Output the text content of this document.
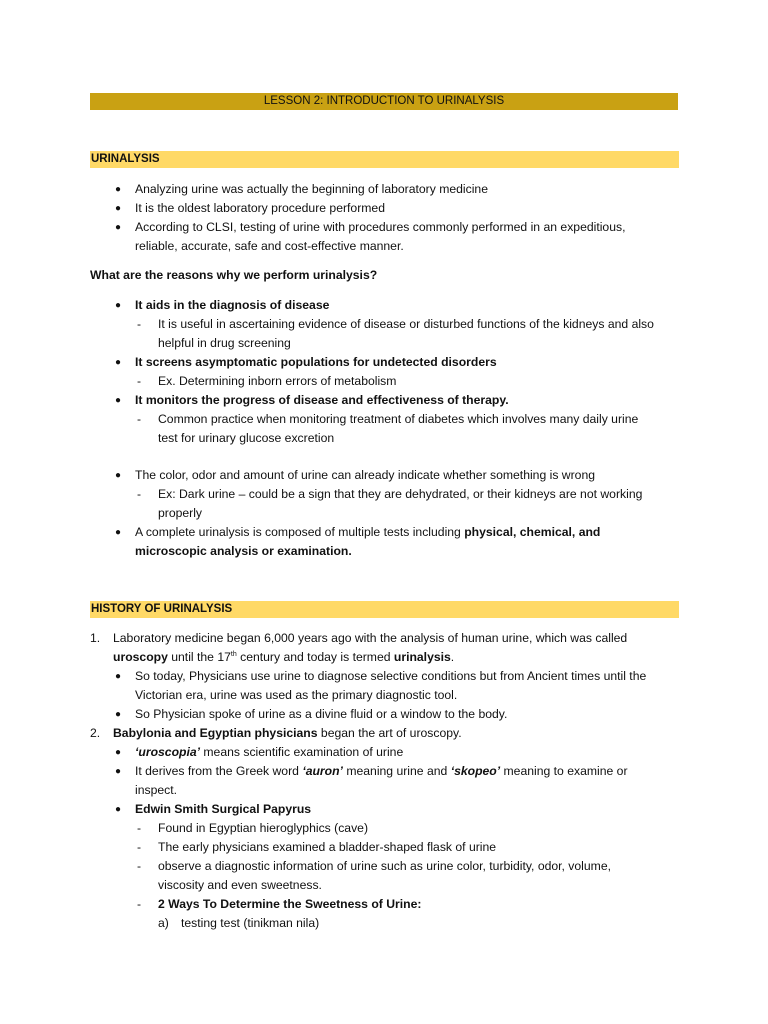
LESSON 2: INTRODUCTION TO URINALYSIS
URINALYSIS
● Analyzing urine was actually the beginning of laboratory medicine
● It is the oldest laboratory procedure performed
● According to CLSI, testing of urine with procedures commonly performed in an expeditious,
reliable, accurate, safe and cost-effective manner.
What are the reasons why we perform urinalysis?
● It aids in the diagnosis of disease
- It is useful in ascertaining evidence of disease or disturbed functions of the kidneys and also
helpful in drug screening
● It screens asymptomatic populations for undetected disorders
- Ex. Determining inborn errors of metabolism
● It monitors the progress of disease and effectiveness of therapy.
- Common practice when monitoring treatment of diabetes which involves many daily urine
test for urinary glucose excretion
● The color, odor and amount of urine can already indicate whether something is wrong
- Ex: Dark urine – could be a sign that they are dehydrated, or their kidneys are not working
properly
● A complete urinalysis is composed of multiple tests including physical, chemical, and
microscopic analysis or examination.
HISTORY OF URINALYSIS
1. Laboratory medicine began 6,000 years ago with the analysis of human urine, which was called
uroscopy until the 17th century and today is termed urinalysis.
● So today, Physicians use urine to diagnose selective conditions but from Ancient times until the
Victorian era, urine was used as the primary diagnostic tool.
● So Physician spoke of urine as a divine fluid or a window to the body.
2. Babylonia and Egyptian physicians began the art of uroscopy.
● ‘uroscopia’ means scientific examination of urine
● It derives from the Greek word ‘auron’ meaning urine and ‘skopeo’ meaning to examine or
inspect.
● Edwin Smith Surgical Papyrus
- Found in Egyptian hieroglyphics (cave)
- The early physicians examined a bladder-shaped flask of urine
- observe a diagnostic information of urine such as urine color, turbidity, odor, volume,
viscosity and even sweetness.
- 2 Ways To Determine the Sweetness of Urine:
a) testing test (tinikman nila)
